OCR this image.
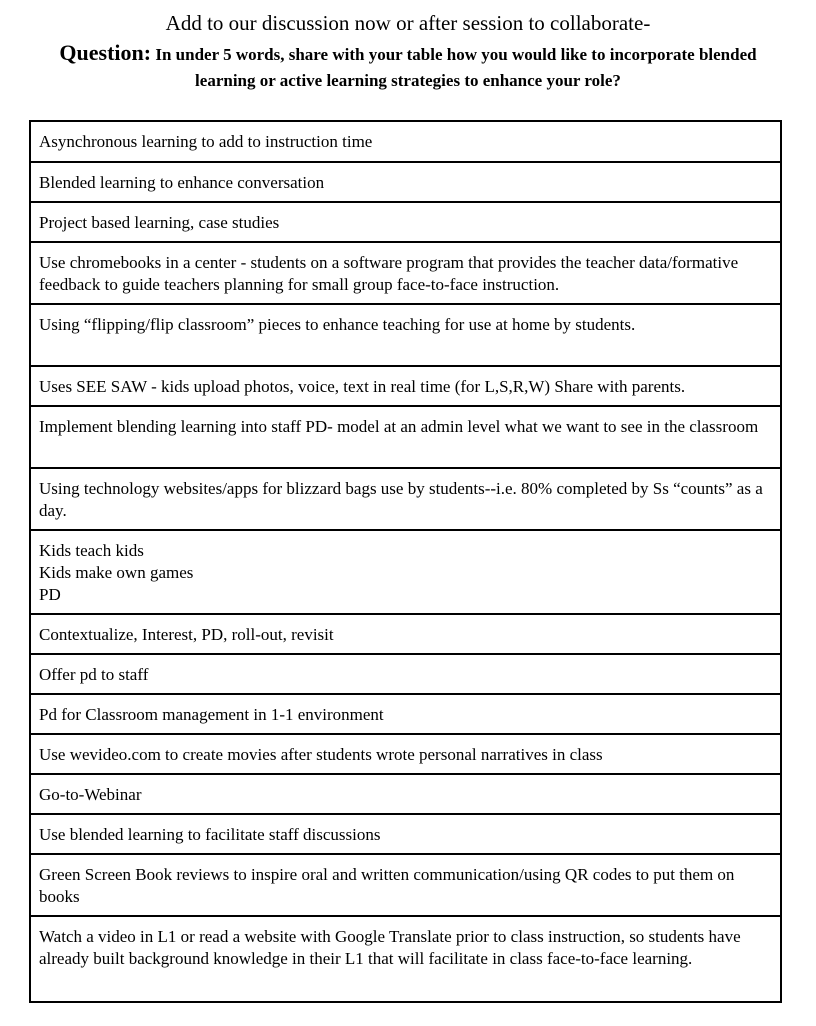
Add to our discussion now or after session to collaborate-
Question: In under 5 words, share with your table how you would like to incorporate blended learning or active learning strategies to enhance your role?
Asynchronous learning to add to instruction time
Blended learning to enhance conversation
Project based learning, case studies
Use chromebooks in a center - students on a software program that provides the teacher data/formative feedback to guide teachers planning for small group face-to-face instruction.
Using “flipping/flip classroom” pieces to enhance teaching for use at home by students.
Uses SEE SAW - kids upload photos, voice, text in real time (for L,S,R,W) Share with parents.
Implement blending learning into staff PD- model at an admin level what we want to see in the classroom
Using technology websites/apps for blizzard bags use by students--i.e. 80% completed by Ss “counts” as a day.
Kids teach kids
Kids make own games
PD
Contextualize, Interest, PD, roll-out, revisit
Offer pd to staff
Pd for Classroom management in 1-1 environment
Use wevideo.com to create movies after students wrote personal narratives in class
Go-to-Webinar
Use blended learning to facilitate staff discussions
Green Screen Book reviews to inspire oral and written communication/using QR codes to put them on books
Watch a video in L1 or read a website with Google Translate prior to class instruction, so students have already built background knowledge in their L1 that will facilitate in class face-to-face learning.
